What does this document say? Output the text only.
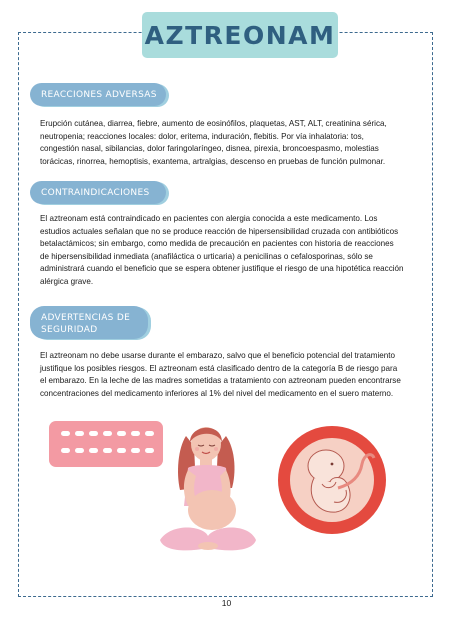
AZTREONAM
REACCIONES ADVERSAS

Erupción cutánea, diarrea, fiebre, aumento de eosinófilos, plaquetas, AST, ALT, creatinina sérica, neutropenia; reacciones locales: dolor, eritema, induración, flebitis. Por vía inhalatoria: tos, congestión nasal, sibilancias, dolor faringolaríngeo, disnea, pirexia, broncoespasmo, molestias torácicas, rinorrea, hemoptisis, exantema, artralgias, descenso en pruebas de función pulmonar.

CONTRAINDICACIONES

El aztreonam está contraindicado en pacientes con alergia conocida a este medicamento. Los estudios actuales señalan que no se produce reacción de hipersensibilidad cruzada con antibióticos betalactámicos; sin embargo, como medida de precaución en pacientes con historia de reacciones de hipersensibilidad inmediata (anafiláctica o urticaria) a penicilinas o cefalosporinas, sólo se administrará cuando el beneficio que se espera obtener justifique el riesgo de una hipotética reacción alérgica grave.

ADVERTENCIAS DE SEGURIDAD

El aztreonam no debe usarse durante el embarazo, salvo que el beneficio potencial del tratamiento justifique los posibles riesgos. El aztreonam está clasificado dentro de la categoría B de riesgo para el embarazo. En la leche de las madres sometidas a tratamiento con aztreonam pueden encontrarse concentraciones del medicamento inferiores al 1% del nivel del medicamento en el suero materno.

10
